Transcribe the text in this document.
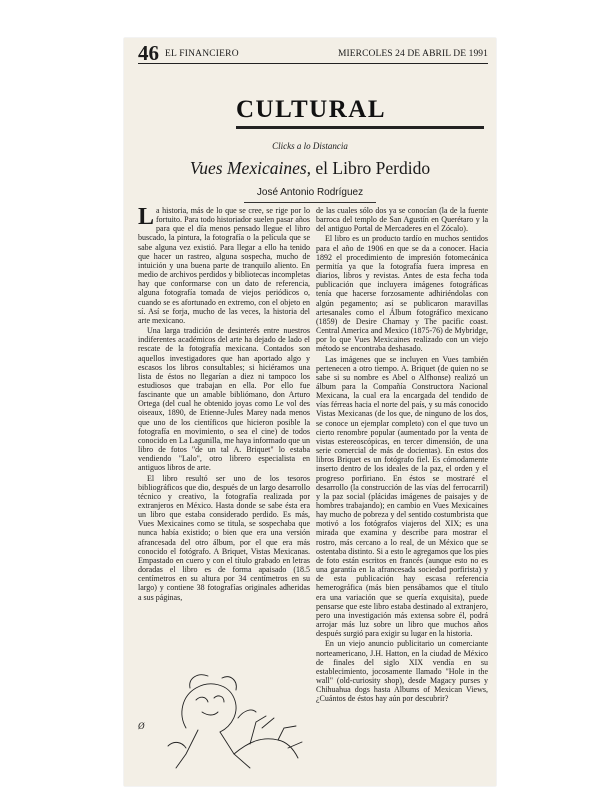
46 EL FINANCIERO	MIERCOLES 24 DE ABRIL DE 1991
CULTURAL
Clicks a lo Distancia
Vues Mexicaines, el Libro Perdido
José Antonio Rodríguez

La historia, más de lo que se cree, se rige por lo fortuito. Para todo historiador suelen pasar años para que el día menos pensado llegue el libro buscado, la pintura, la fotografía o la película que se sabe alguna vez existió. Para llegar a ello ha tenido que hacer un rastreo, alguna sospecha, mucho de intuición y una buena parte de tranquilo aliento. En medio de archivos perdidos y bibliotecas incompletas hay que conformarse con un dato de referencia, alguna fotografía tomada de viejos periódicos o, cuando se es afortunado en extremo, con el objeto en sí. Así se forja, mucho de las veces, la historia del arte mexicano.

Una larga tradición de desinterés entre nuestros indiferentes académicos del arte ha dejado de lado el rescate de la fotografía mexicana. Contados son aquellos investigadores que han aportado algo y escasos los libros consultables; si hiciéramos una lista de éstos no llegarían a diez ni tampoco los estudiosos que trabajan en ella. Por ello fue fascinante que un amable bibliómano, don Arturo Ortega (del cual he obtenido joyas como Le vol des oiseaux, 1890, de Etienne-Jules Marey nada menos que uno de los científicos que hicieron posible la fotografía en movimiento, o sea el cine) de todos conocido en La Lagunilla, me haya informado que un libro de fotos "de un tal A. Briquet" lo estaba vendiendo "Lalo", otro librero especialista en antiguos libros de arte.

El libro resultó ser uno de los tesoros bibliográficos que dio, después de un largo desarrollo técnico y creativo, la fotografía realizada por extranjeros en México. Hasta donde se sabe ésta era un libro que estaba considerado perdido. Es más, Vues Mexicaines como se titula, se sospechaba que nunca había existido; o bien que era una versión afrancesada del otro álbum, por el que era más conocido el fotógrafo. A Briquet, Vistas Mexicanas. Empastado en cuero y con el título grabado en letras doradas el libro es de forma apaisado (18.5 centímetros en su altura por 34 centímetros en su largo) y contiene 38 fotografías originales adheridas a sus páginas,

de las cuales sólo dos ya se conocían (la de la fuente barroca del templo de San Agustín en Querétaro y la del antiguo Portal de Mercaderes en el Zócalo).

El libro es un producto tardío en muchos sentidos para el año de 1906 en que se da a conocer. Hacia 1892 el procedimiento de impresión fotomecánica permitía ya que la fotografía fuera impresa en diarios, libros y revistas. Antes de esta fecha toda publicación que incluyera imágenes fotográficas tenía que hacerse forzosamente adhiriéndolas con algún pegamento; así se publicaron maravillas artesanales como el Álbum fotográfico mexicano (1859) de Desire Charnay y The pacific coast. Central America and Mexico (1875-76) de Mybridge, por lo que Vues Mexicaines realizado con un viejo método se encontraba deshasado.

Las imágenes que se incluyen en Vues también pertenecen a otro tiempo. A. Briquet (de quien no se sabe si su nombre es Abel o Alfhonse) realizó un álbum para la Compañía Constructora Nacional Mexicana, la cual era la encargada del tendido de vías férreas hacia el norte del país, y su más conocido Vistas Mexicanas (de los que, de ninguno de los dos, se conoce un ejemplar completo) con el que tuvo un cierto renombre popular (aumentado por la venta de vistas estereoscópicas, en tercer dimensión, de una serie comercial de más de docientas). En estos dos libros Briquet es un fotógrafo fiel. Es cómodamente inserto dentro de los ideales de la paz, el orden y el progreso porfiriano. En éstos se mostraré el desarrollo (la construcción de las vías del ferrocarril) y la paz social (plácidas imágenes de paisajes y de hombres trabajando); en cambio en Vues Mexicaines hay mucho de pobreza y del sentido costumbrista que motivó a los fotógrafos viajeros del XIX; es una mirada que examina y describe para mostrar el rostro, más cercano a lo real, de un México que se ostentaba distinto. Si a esto le agregamos que los pies de foto están escritos en francés (aunque esto no es una garantía en la afrancesada sociedad porfirista) y de esta publicación hay escasa referencia hemerográfica (más bien pensábamos que el título era una variación que se quería exquisita), puede pensarse que este libro estaba destinado al extranjero, pero una investigación más extensa sobre él, podrá arrojar más luz sobre un libro que muchos años después surgió para exigir su lugar en la historia.

En un viejo anuncio publicitario un comerciante norteamericano, J.H. Hatton, en la ciudad de México de finales del siglo XIX vendía en su establecimiento, jocosamente llamado "Hole in the wall" (old-curiosity shop), desde Magacy purses y Chihuahua dogs hasta Albums of Mexican Views, ¿Cuántos de éstos hay aún por descubrir?

Ø
